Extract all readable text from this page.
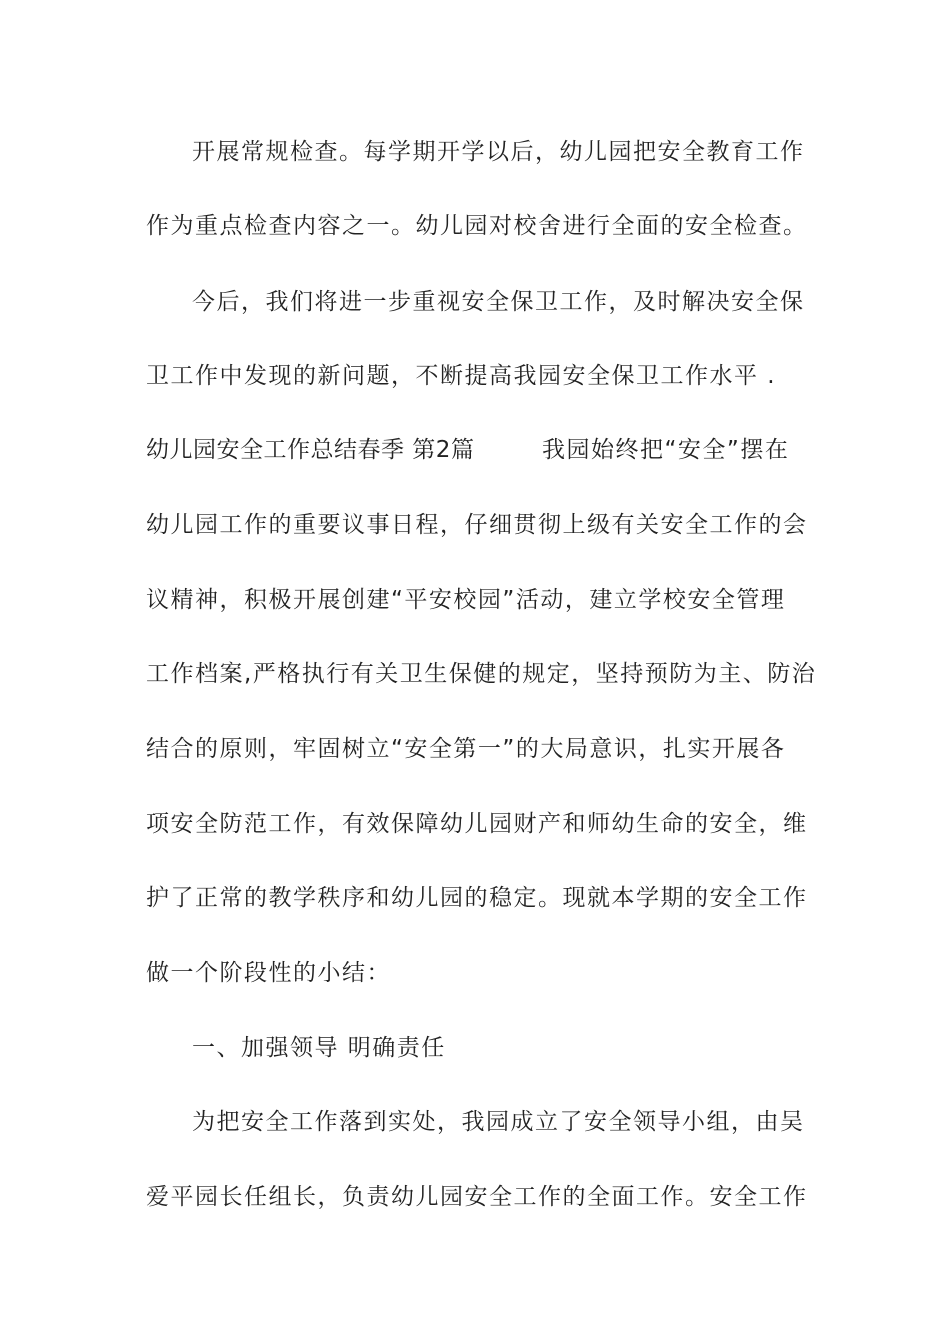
开展常规检查。每学期开学以后，幼儿园把安全教育工作
作为重点检查内容之一。幼儿园对校舍进行全面的安全检查。
今后，我们将进一步重视安全保卫工作，及时解决安全保
卫工作中发现的新问题，不断提高我园安全保卫工作水平 .
幼儿园安全工作总结春季 第2篇	我园始终把“安全”摆在
幼儿园工作的重要议事日程，仔细贯彻上级有关安全工作的会
议精神，积极开展创建“平安校园”活动，建立学校安全管理
工作档案,严格执行有关卫生保健的规定，坚持预防为主、防治
结合的原则，牢固树立“安全第一”的大局意识，扎实开展各
项安全防范工作，有效保障幼儿园财产和师幼生命的安全，维
护了正常的教学秩序和幼儿园的稳定。现就本学期的安全工作
做一个阶段性的小结：
一、加强领导 明确责任
为把安全工作落到实处，我园成立了安全领导小组，由吴
爱平园长任组长，负责幼儿园安全工作的全面工作。安全工作
